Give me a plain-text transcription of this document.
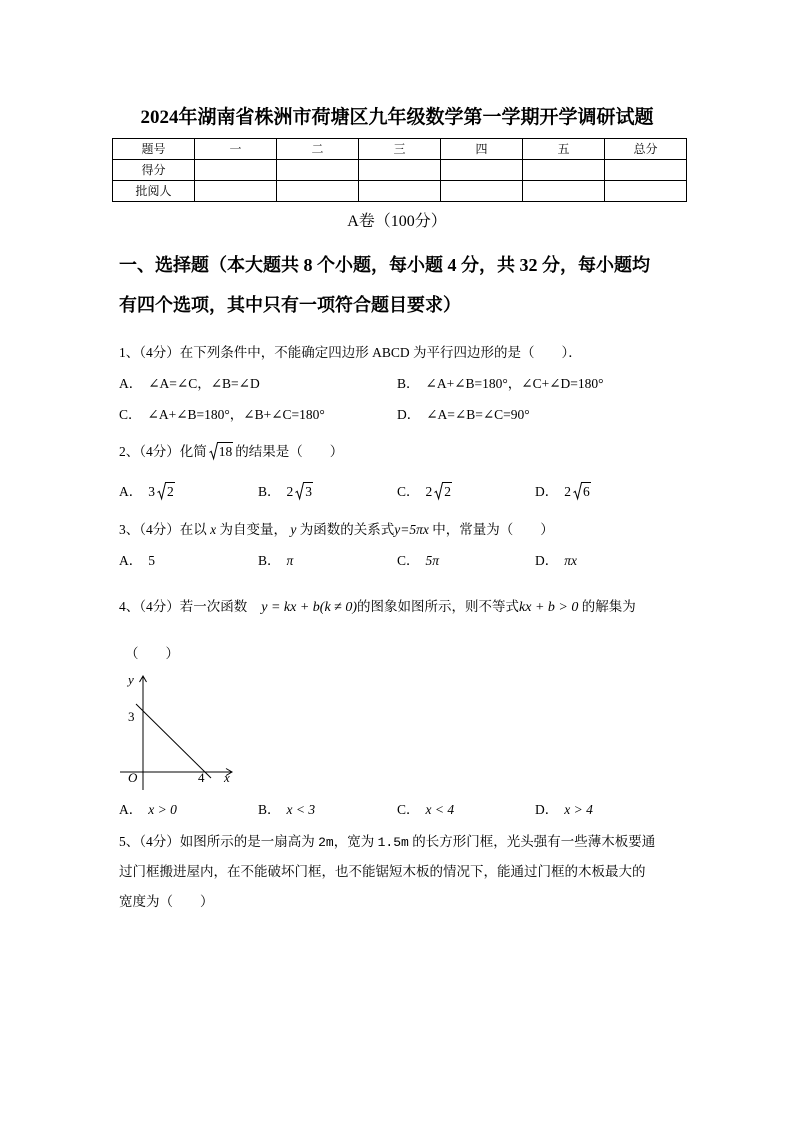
2024年湖南省株洲市荷塘区九年级数学第一学期开学调研试题
题号	一	二	三	四	五	总分
得分						
批阅人						
A卷（100分）
一、选择题（本大题共 8 个小题，每小题 4 分，共 32 分，每小题均
有四个选项，其中只有一项符合题目要求）
1、（4分）在下列条件中，不能确定四边形 ABCD 为平行四边形的是（　　）．
A． ∠A=∠C，∠B=∠D	B． ∠A+∠B=180°，∠C+∠D=180°
C． ∠A+∠B=180°，∠B+∠C=180°	D． ∠A=∠B=∠C=90°
2、（4分）化简 18 的结果是（　　）
A． 3 2	B． 2 3	C． 2 2	D． 2 6
3、（4分）在以 x 为自变量， y 为函数的关系式y=5πx 中，常量为（　　）
A． 5	B． π	C． 5π	D． πx
4、（4分）若一次函数 y = kx + b(k ≠ 0)的图象如图所示，则不等式kx + b > 0 的解集为
（　　）
y
3
O	4 x
A． x > 0	B． x < 3	C． x < 4	D． x > 4
5、（4分）如图所示的是一扇高为 2m，宽为 1.5m 的长方形门框，光头强有一些薄木板要通
过门框搬进屋内，在不能破坏门框，也不能锯短木板的情况下，能通过门框的木板最大的
宽度为（　　）
